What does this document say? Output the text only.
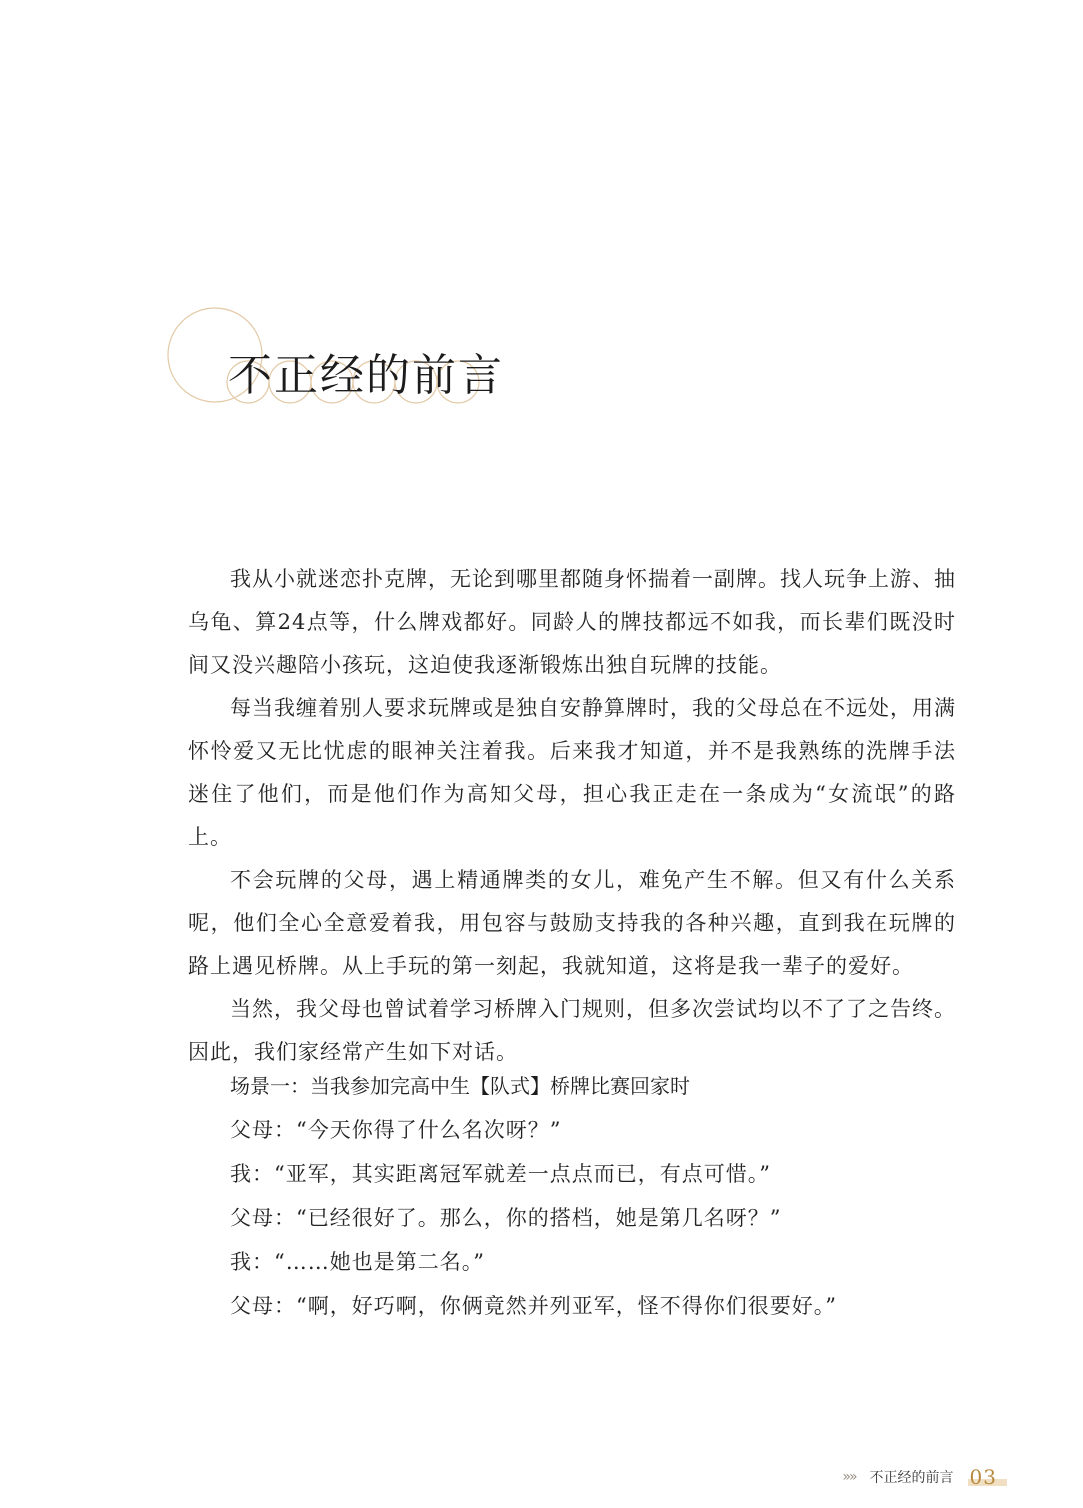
不正经的前言

我从小就迷恋扑克牌，无论到哪里都随身怀揣着一副牌。找人玩争上游、抽乌龟、算24点等，什么牌戏都好。同龄人的牌技都远不如我，而长辈们既没时间又没兴趣陪小孩玩，这迫使我逐渐锻炼出独自玩牌的技能。

每当我缠着别人要求玩牌或是独自安静算牌时，我的父母总在不远处，用满怀怜爱又无比忧虑的眼神关注着我。后来我才知道，并不是我熟练的洗牌手法迷住了他们，而是他们作为高知父母，担心我正走在一条成为“女流氓”的路上。

不会玩牌的父母，遇上精通牌类的女儿，难免产生不解。但又有什么关系呢，他们全心全意爱着我，用包容与鼓励支持我的各种兴趣，直到我在玩牌的路上遇见桥牌。从上手玩的第一刻起，我就知道，这将是我一辈子的爱好。

当然，我父母也曾试着学习桥牌入门规则，但多次尝试均以不了了之告终。因此，我们家经常产生如下对话。

场景一：当我参加完高中生【队式】桥牌比赛回家时
父母：“今天你得了什么名次呀？”
我：“亚军，其实距离冠军就差一点点而已，有点可惜。”
父母：“已经很好了。那么，你的搭档，她是第几名呀？”
我：“……她也是第二名。”
父母：“啊，好巧啊，你俩竟然并列亚军，怪不得你们很要好。”
»» 不正经的前言 03
